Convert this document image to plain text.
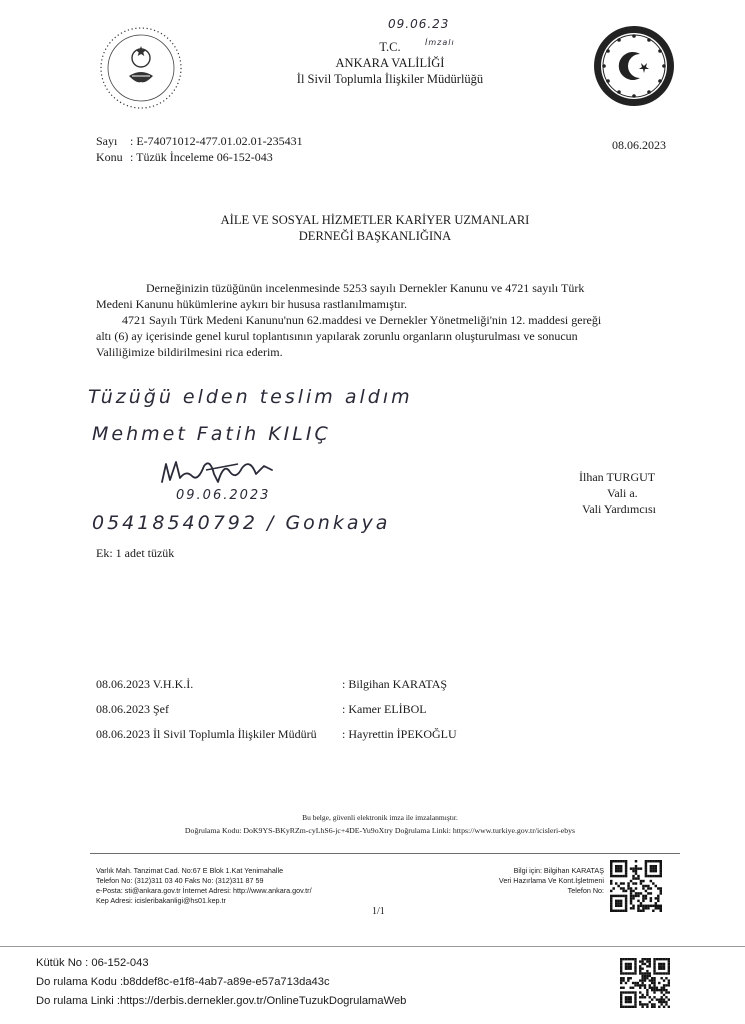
09.06.23
İmzalı
T.C.
ANKARA VALİLİĞİ
İl Sivil Toplumla İlişkiler Müdürlüğü
Sayı : E-74071012-477.01.02.01-235431
Konu : Tüzük İnceleme 06-152-043
08.06.2023
AİLE VE SOSYAL HİZMETLER KARİYER UZMANLARI
DERNEĞİ BAŞKANLIĞINA
Derneğinizin tüzüğünün incelenmesinde 5253 sayılı Dernekler Kanunu ve 4721 sayılı Türk
Medeni Kanunu hükümlerine aykırı bir hususa rastlanılmamıştır.
4721 Sayılı Türk Medeni Kanunu'nun 62.maddesi ve Dernekler Yönetmeliği'nin 12. maddesi gereği
altı (6) ay içerisinde genel kurul toplantısının yapılarak zorunlu organların oluşturulması ve sonucun
Valiliğimize bildirilmesini rica ederim.
Tüzüğü elden teslim aldım
Mehmet Fatih KILIÇ
09.06.2023
05418540792 / Gonkaya
İlhan TURGUT
Vali a.
Vali Yardımcısı
Ek: 1 adet tüzük
08.06.2023 V.H.K.İ.	: Bilgihan KARATAŞ
08.06.2023 Şef	: Kamer ELİBOL
08.06.2023 İl Sivil Toplumla İlişkiler Müdürü : Hayrettin İPEKOĞLU
Bu belge, güvenli elektronik imza ile imzalanmıştır.
Doğrulama Kodu: DoK9YS-BKyRZm-cyLhS6-jc+4DE-Yu9oXtry Doğrulama Linki: https://www.turkiye.gov.tr/icisleri-ebys
Varlık Mah. Tanzimat Cad. No:67 E Blok 1.Kat Yenimahalle
Telefon No: (312)311 03 40 Faks No: (312)311 87 59
e-Posta: sti@ankara.gov.tr İnternet Adresi: http://www.ankara.gov.tr/
Kep Adresi: icisleribakanligi@hs01.kep.tr
Bilgi için: Bilgihan KARATAŞ
Veri Hazırlama Ve Kont.İşletmeni
Telefon No:
1/1
Kütük No : 06-152-043
Do rulama Kodu :b8ddef8c-e1f8-4ab7-a89e-e57a713da43c
Do rulama Linki :https://derbis.dernekler.gov.tr/OnlineTuzukDogrulamaWeb
